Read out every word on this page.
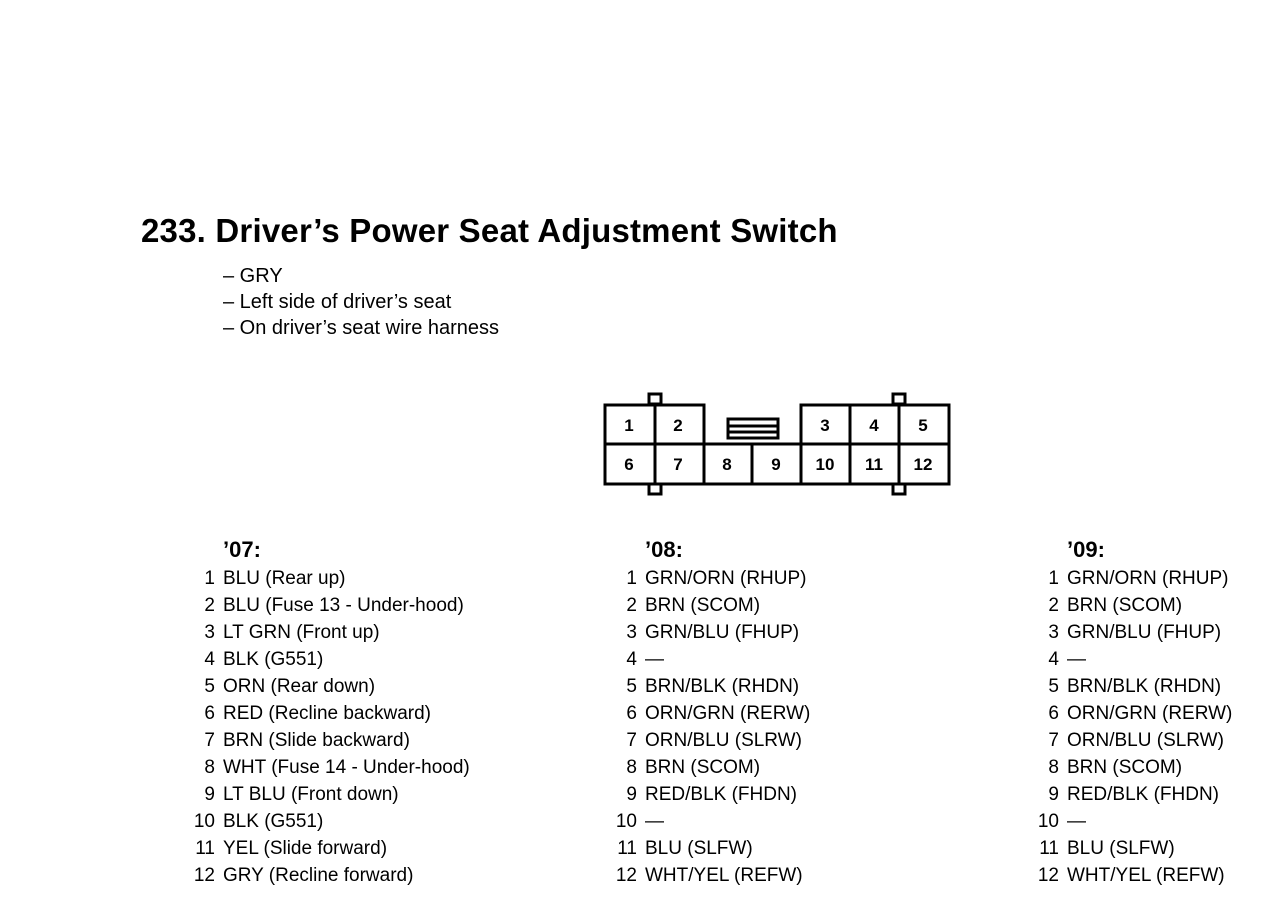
233. Driver’s Power Seat Adjustment Switch
– GRY
– Left side of driver’s seat
– On driver’s seat wire harness
1 2	3 4 5
6 7 8 9 10 11 12
’07:
1 BLU (Rear up)
2 BLU (Fuse 13 - Under-hood)
3 LT GRN (Front up)
4 BLK (G551)
5 ORN (Rear down)
6 RED (Recline backward)
7 BRN (Slide backward)
8 WHT (Fuse 14 - Under-hood)
9 LT BLU (Front down)
10 BLK (G551)
11 YEL (Slide forward)
12 GRY (Recline forward)
’08:
1 GRN/ORN (RHUP)
2 BRN (SCOM)
3 GRN/BLU (FHUP)
4 —
5 BRN/BLK (RHDN)
6 ORN/GRN (RERW)
7 ORN/BLU (SLRW)
8 BRN (SCOM)
9 RED/BLK (FHDN)
10 —
11 BLU (SLFW)
12 WHT/YEL (REFW)
’09:
1 GRN/ORN (RHUP)
2 BRN (SCOM)
3 GRN/BLU (FHUP)
4 —
5 BRN/BLK (RHDN)
6 ORN/GRN (RERW)
7 ORN/BLU (SLRW)
8 BRN (SCOM)
9 RED/BLK (FHDN)
10 —
11 BLU (SLFW)
12 WHT/YEL (REFW)
